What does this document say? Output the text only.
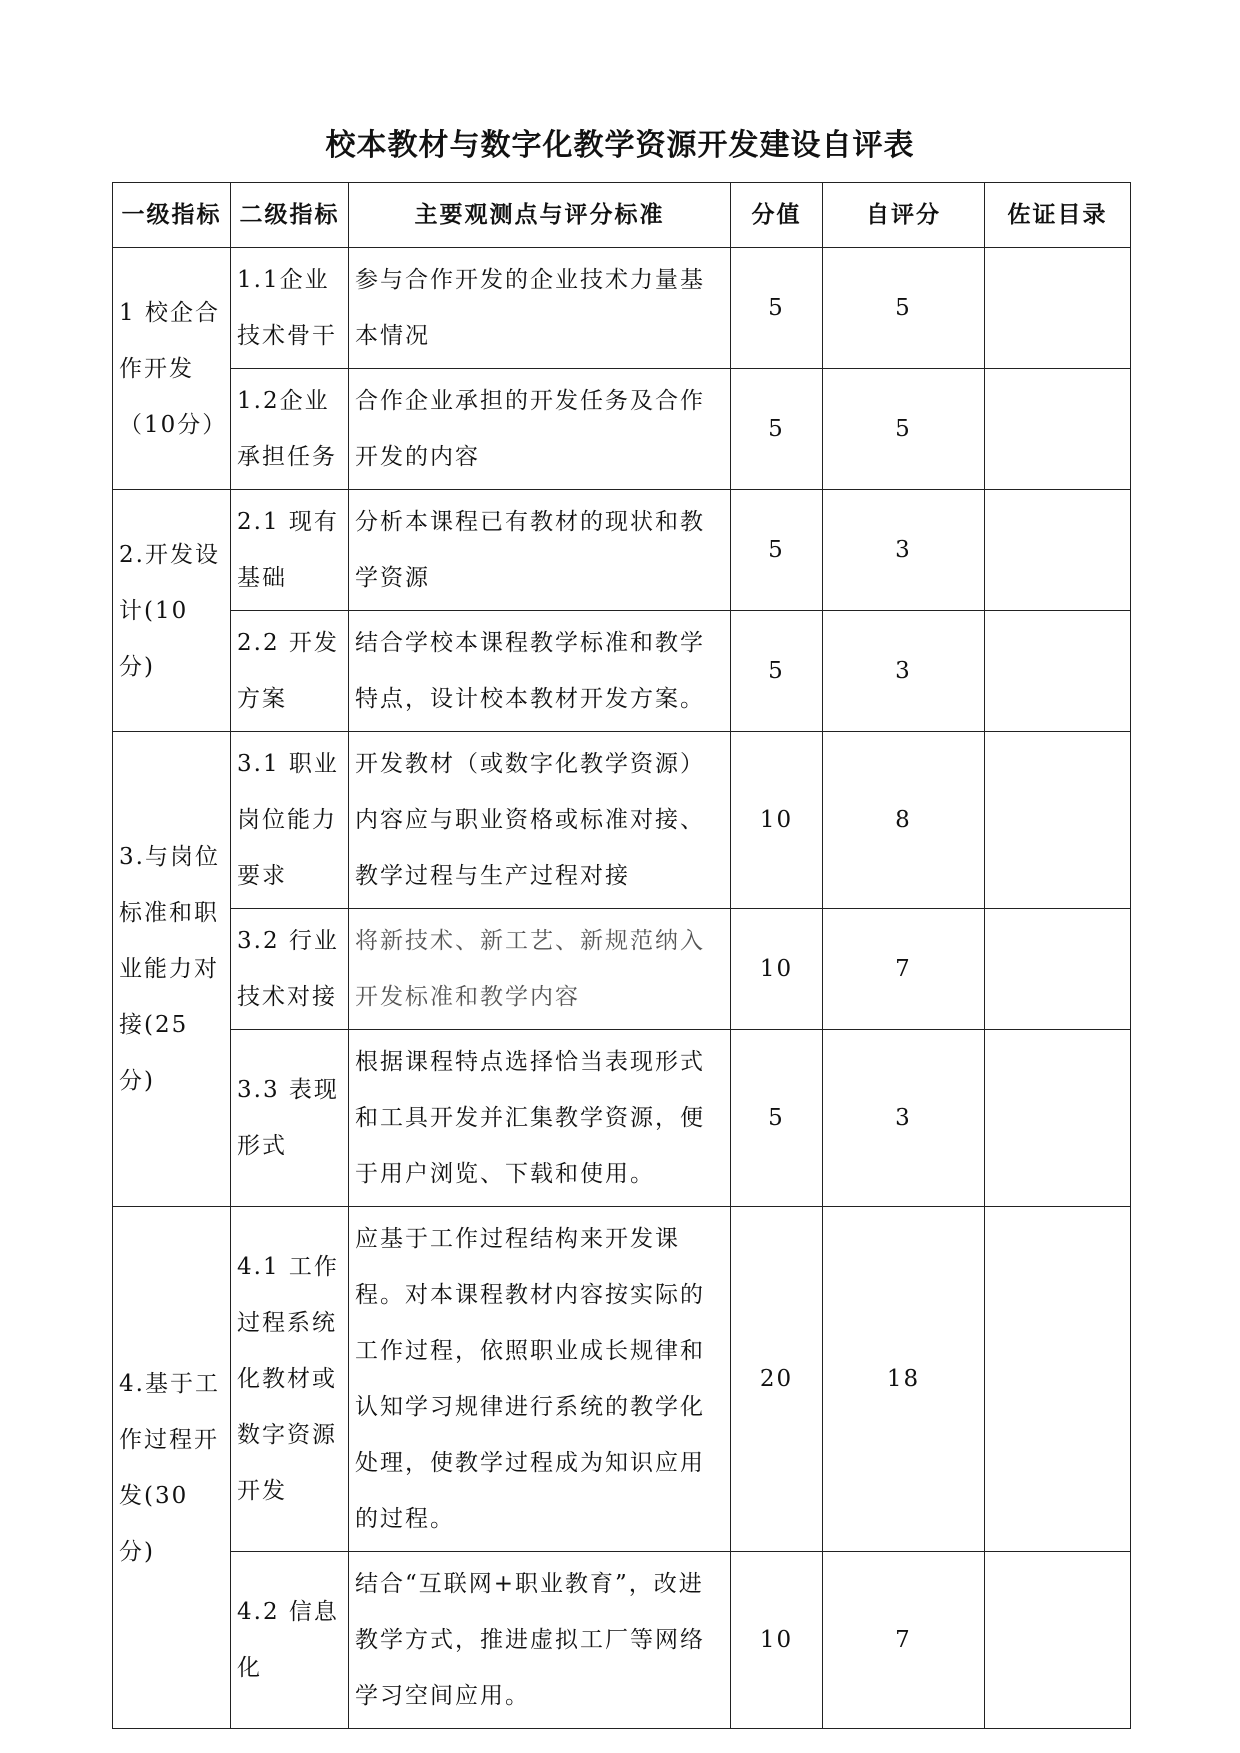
校本教材与数字化教学资源开发建设自评表
一级指标	二级指标	主要观测点与评分标准	分值	自评分	佐证目录
1 校企合作开发（10分）	1.1企业技术骨干	参与合作开发的企业技术力量基本情况	5	5	
	1.2企业承担任务	合作企业承担的开发任务及合作开发的内容	5	5	
2.开发设计(10分)	2.1 现有基础	分析本课程已有教材的现状和教学资源	5	3	
	2.2 开发方案	结合学校本课程教学标准和教学特点，设计校本教材开发方案。	5	3	
3.与岗位标准和职业能力对接(25分)	3.1 职业岗位能力要求	开发教材（或数字化教学资源）内容应与职业资格或标准对接、教学过程与生产过程对接	10	8	
	3.2 行业技术对接	将新技术、新工艺、新规范纳入开发标准和教学内容	10	7	
	3.3 表现形式	根据课程特点选择恰当表现形式和工具开发并汇集教学资源，便于用户浏览、下载和使用。	5	3	
4.基于工作过程开发(30分)	4.1 工作过程系统化教材或数字资源开发	应基于工作过程结构来开发课程。对本课程教材内容按实际的工作过程，依照职业成长规律和认知学习规律进行系统的教学化处理，使教学过程成为知识应用的过程。	20	18	
	4.2 信息化	结合“互联网+职业教育”，改进教学方式，推进虚拟工厂等网络学习空间应用。	10	7	
